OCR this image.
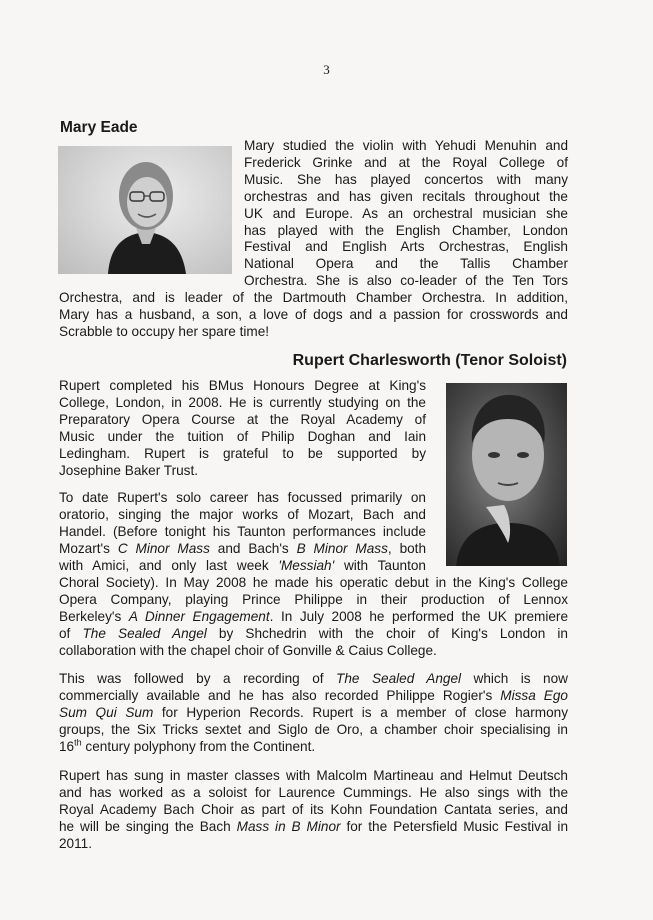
3
Mary Eade
Mary studied the violin with Yehudi Menuhin and
Frederick Grinke and at the Royal College of
Music. She has played concertos with many
orchestras and has given recitals throughout the
UK and Europe. As an orchestral musician she
has played with the English Chamber, London
Festival and English Arts Orchestras, English
National Opera and the Tallis Chamber
Orchestra. She is also co-leader of the Ten Tors
Orchestra, and is leader of the Dartmouth Chamber Orchestra. In addition,
Mary has a husband, a son, a love of dogs and a passion for crosswords and
Scrabble to occupy her spare time!
Rupert Charlesworth (Tenor Soloist)
Rupert completed his BMus Honours Degree at King's
College, London, in 2008. He is currently studying on the
Preparatory Opera Course at the Royal Academy of
Music under the tuition of Philip Doghan and Iain
Ledingham. Rupert is grateful to be supported by
Josephine Baker Trust.
To date Rupert's solo career has focussed primarily on
oratorio, singing the major works of Mozart, Bach and
Handel. (Before tonight his Taunton performances include
Mozart's C Minor Mass and Bach's B Minor Mass, both
with Amici, and only last week 'Messiah' with Taunton
Choral Society). In May 2008 he made his operatic debut in the King's College
Opera Company, playing Prince Philippe in their production of Lennox
Berkeley's A Dinner Engagement. In July 2008 he performed the UK premiere
of The Sealed Angel by Shchedrin with the choir of King's London in
collaboration with the chapel choir of Gonville & Caius College.
This was followed by a recording of The Sealed Angel which is now
commercially available and he has also recorded Philippe Rogier's Missa Ego
Sum Qui Sum for Hyperion Records. Rupert is a member of close harmony
groups, the Six Tricks sextet and Siglo de Oro, a chamber choir specialising in
16th century polyphony from the Continent.
Rupert has sung in master classes with Malcolm Martineau and Helmut Deutsch
and has worked as a soloist for Laurence Cummings. He also sings with the
Royal Academy Bach Choir as part of its Kohn Foundation Cantata series, and
he will be singing the Bach Mass in B Minor for the Petersfield Music Festival in
2011.
